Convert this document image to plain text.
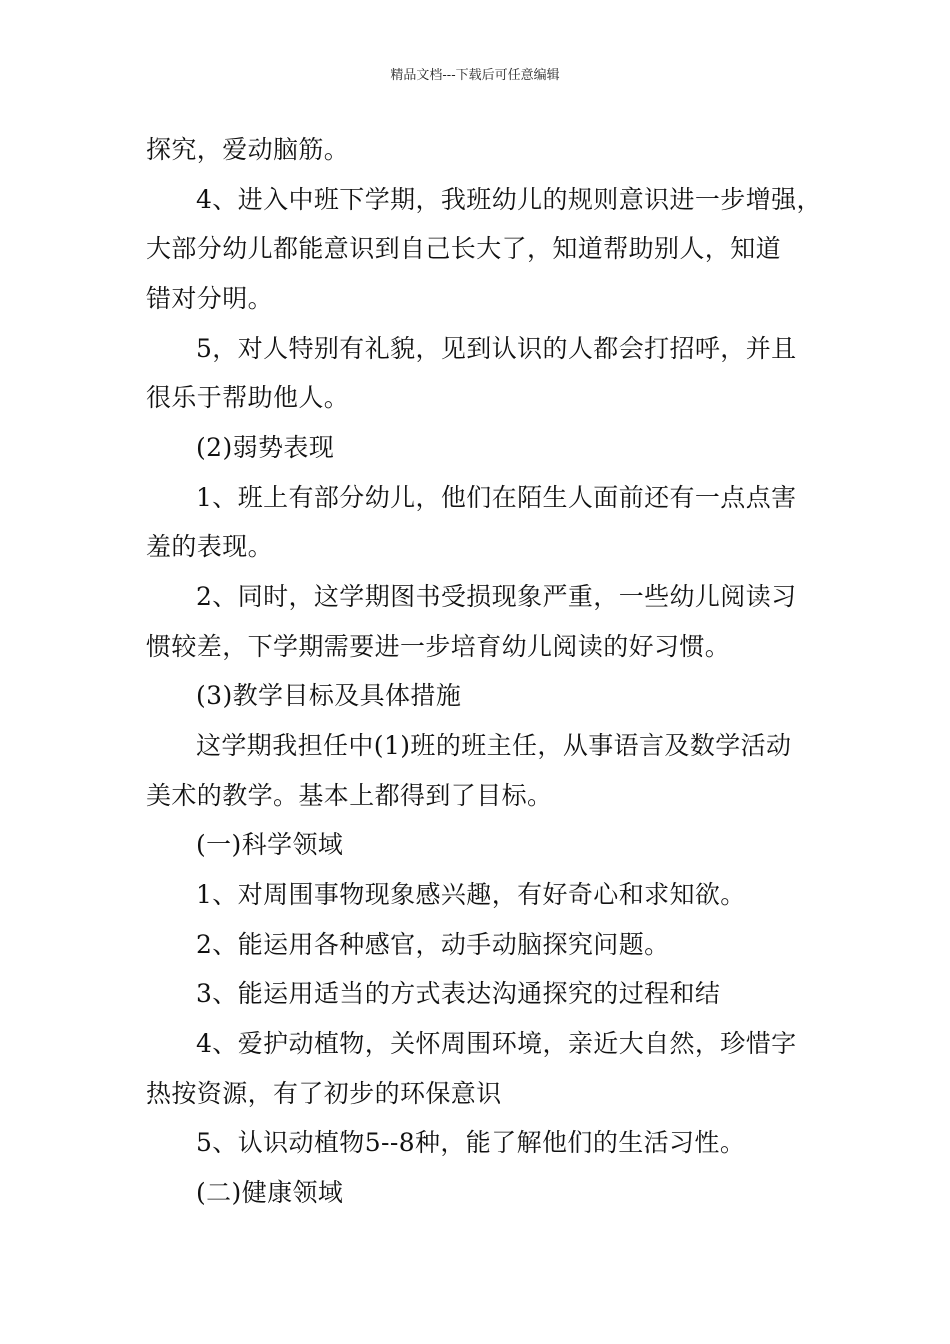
精品文档---下载后可任意编辑
探究，爱动脑筋。
4、进入中班下学期，我班幼儿的规则意识进一步增强，
大部分幼儿都能意识到自己长大了，知道帮助别人，知道
错对分明。
5，对人特别有礼貌，见到认识的人都会打招呼，并且
很乐于帮助他人。
(2)弱势表现
1、班上有部分幼儿，他们在陌生人面前还有一点点害
羞的表现。
2、同时，这学期图书受损现象严重，一些幼儿阅读习
惯较差，下学期需要进一步培育幼儿阅读的好习惯。
(3)教学目标及具体措施
这学期我担任中(1)班的班主任，从事语言及数学活动
美术的教学。基本上都得到了目标。
(一)科学领域
1、对周围事物现象感兴趣，有好奇心和求知欲。
2、能运用各种感官，动手动脑探究问题。
3、能运用适当的方式表达沟通探究的过程和结
4、爱护动植物，关怀周围环境，亲近大自然，珍惜字
热按资源，有了初步的环保意识
5、认识动植物5--8种，能了解他们的生活习性。
(二)健康领域
